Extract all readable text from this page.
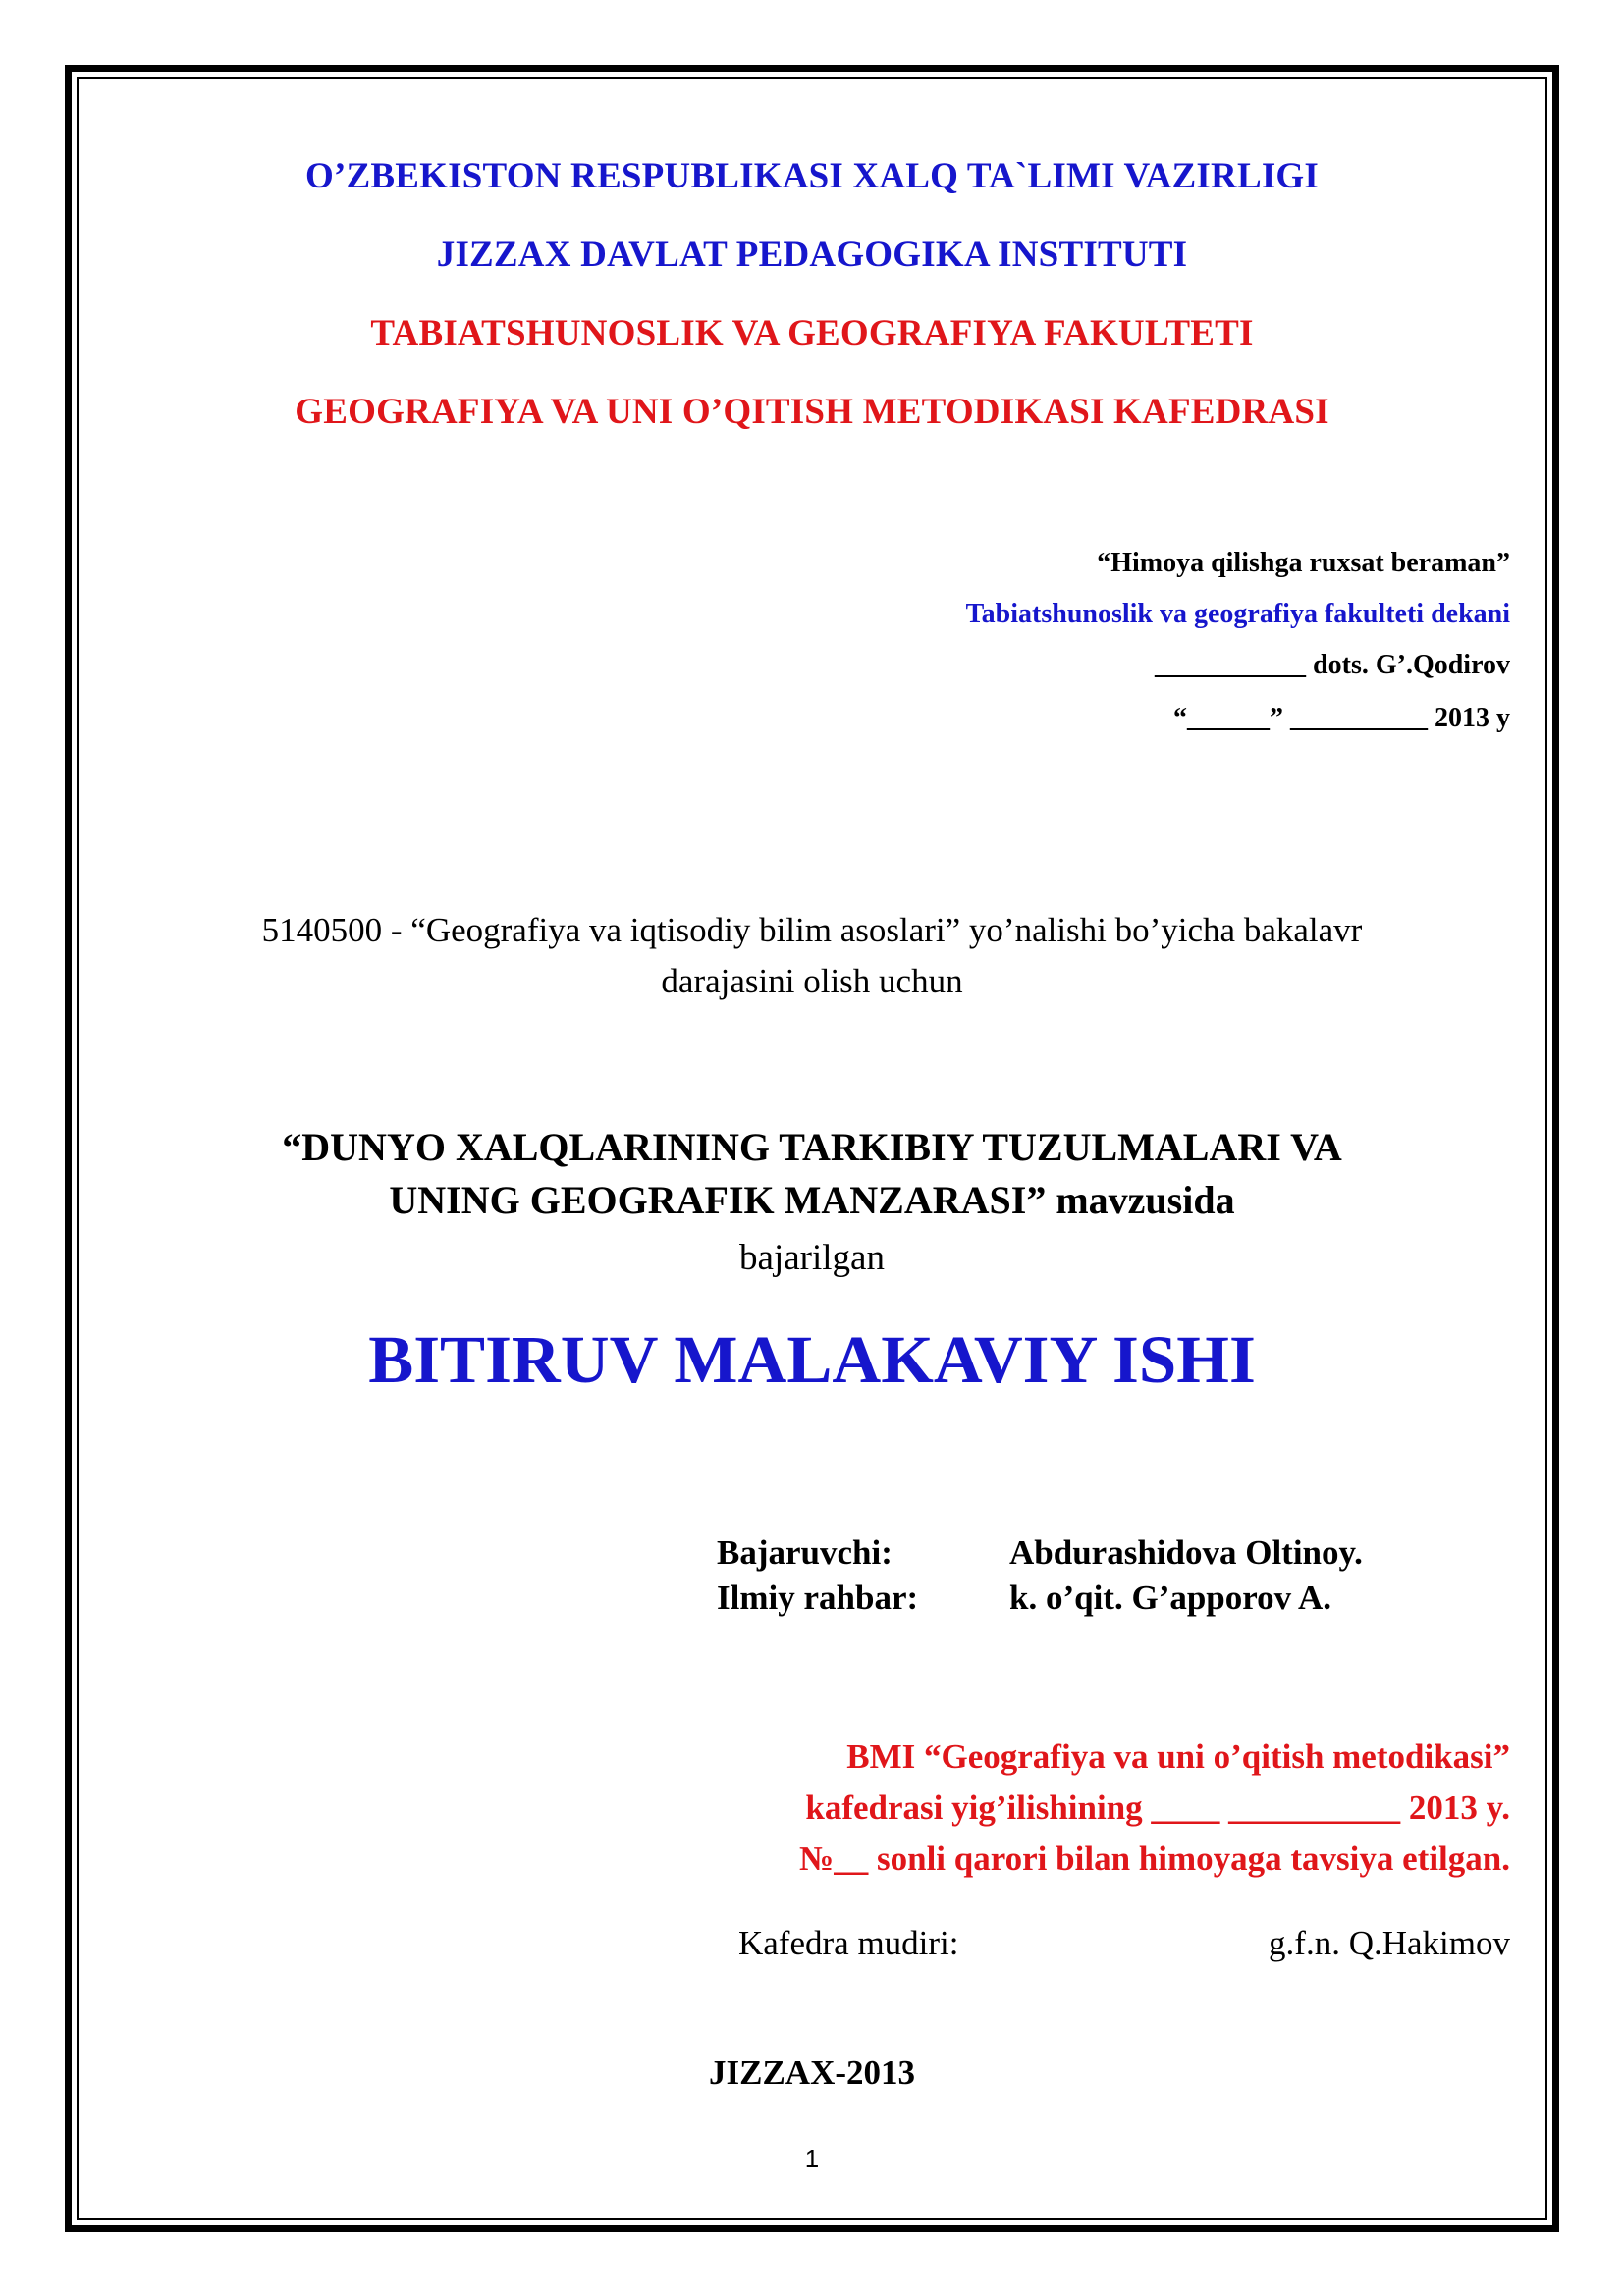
O’ZBEKISTON RESPUBLIKASI XALQ TA`LIMI VAZIRLIGI
JIZZAX DAVLAT PEDAGOGIKA INSTITUTI
TABIATSHUNOSLIK VA GEOGRAFIYA FAKULTETI
GEOGRAFIYA VA UNI O’QITISH METODIKASI KAFEDRASI
“Himoya qilishga ruxsat beraman”
Tabiatshunoslik va geografiya fakulteti dekani
___________ dots. G’.Qodirov
“______” __________ 2013 y
5140500 - “Geografiya va iqtisodiy bilim asoslari” yo’nalishi bo’yicha bakalavr
darajasini olish uchun
“DUNYO XALQLARINING TARKIBIY TUZULMALARI VA
UNING GEOGRAFIK MANZARASI” mavzusida
bajarilgan
BITIRUV MALAKAVIY ISHI
Bajaruvchi:	Abdurashidova Oltinoy.
Ilmiy rahbar:	k. o’qit. G’apporov A.
BMI “Geografiya va uni o’qitish metodikasi”
kafedrasi yig’ilishining ____ __________ 2013 y.
№__ sonli qarori bilan himoyaga tavsiya etilgan.
Kafedra mudiri:	g.f.n. Q.Hakimov
JIZZAX-2013
1
